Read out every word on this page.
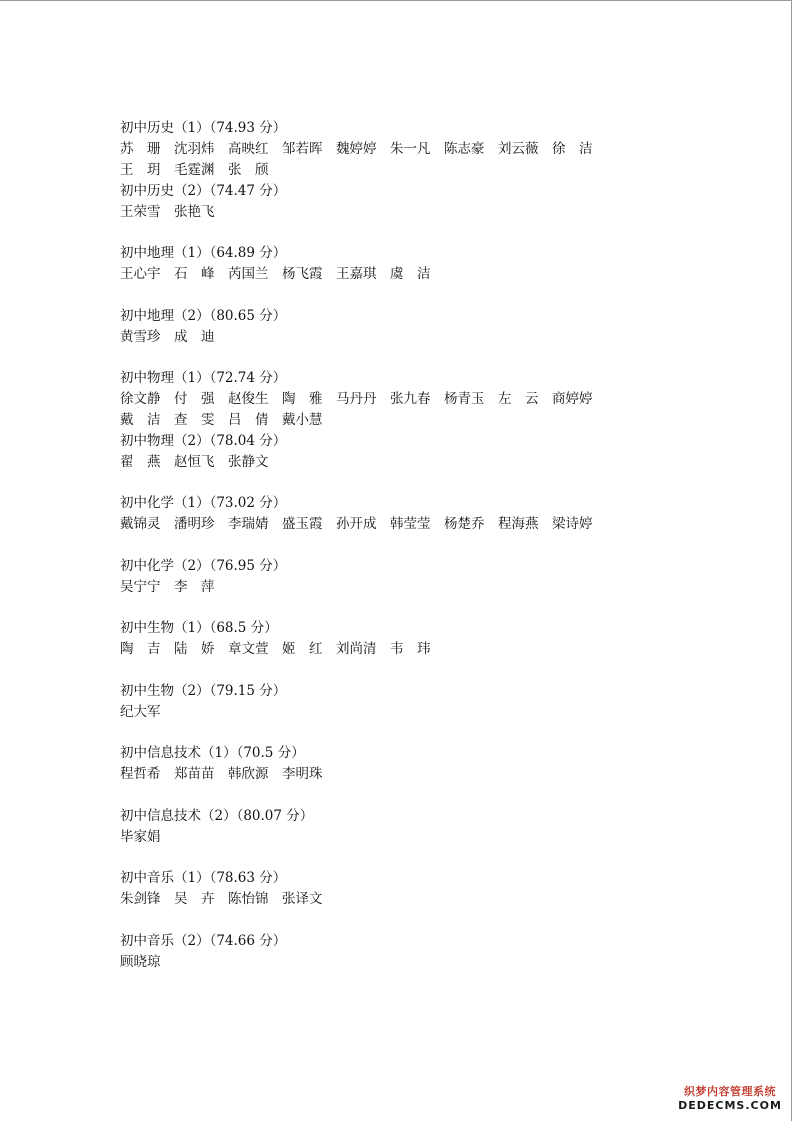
初中历史（1）（74.93 分）
苏　珊　沈羽炜　高映红　邹若晖　魏婷婷　朱一凡　陈志豪　刘云薇　徐　洁
王　玥　毛霆渊　张　颀
初中历史（2）（74.47 分）
王荣雪　张艳飞
初中地理（1）（64.89 分）
王心宇　石　峰　芮国兰　杨飞霞　王嘉琪　虞　洁
初中地理（2）（80.65 分）
黄雪珍　成　迪
初中物理（1）（72.74 分）
徐文静　付　强　赵俊生　陶　雅　马丹丹　张九春　杨青玉　左　云　商婷婷
戴　洁　查　雯　吕　倩　戴小慧
初中物理（2）（78.04 分）
翟　燕　赵恒飞　张静文
初中化学（1）（73.02 分）
戴锦灵　潘明珍　李瑞婧　盛玉霞　孙开成　韩莹莹　杨楚乔　程海燕　梁诗婷
初中化学（2）（76.95 分）
吴宁宁　李　萍
初中生物（1）（68.5 分）
陶　吉　陆　娇　章文萱　姬　红　刘尚清　韦　玮
初中生物（2）（79.15 分）
纪大军
初中信息技术（1）（70.5 分）
程哲希　郑苗苗　韩欣源　李明珠
初中信息技术（2）（80.07 分）
毕家娟
初中音乐（1）（78.63 分）
朱剑锋　吴　卉　陈怡锦　张译文
初中音乐（2）（74.66 分）
顾晓琼
织梦内容管理系统
DEDECMS.COM
